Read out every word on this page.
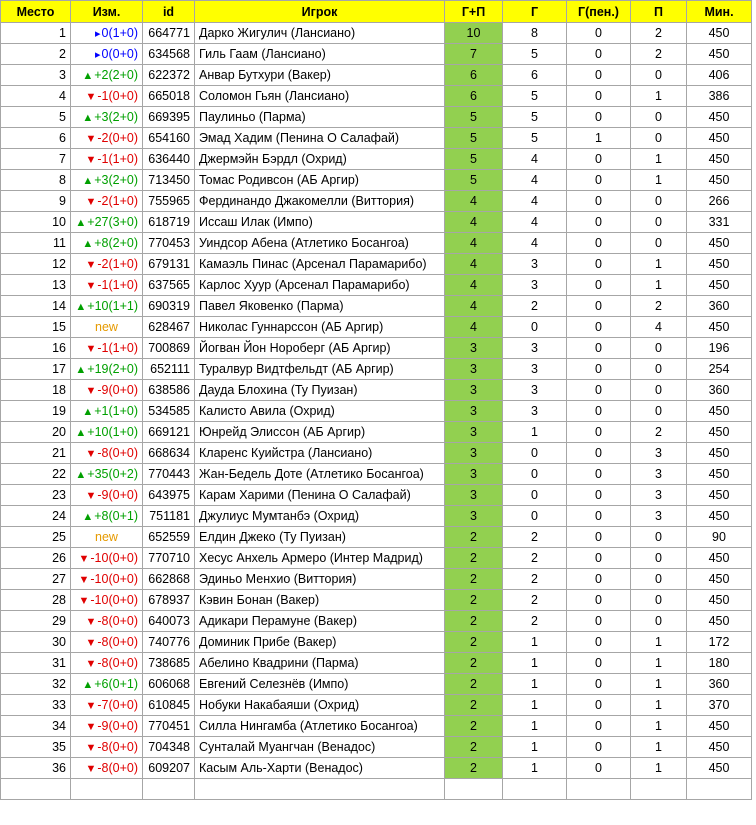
Место	Изм.	id	Игрок	Г+П	Г	Г(пен.)	П	Мин.
1	▸0(1+0)	664771	Дарко Жигулич (Лансиано)	10	8	0	2	450
2	▸0(0+0)	634568	Гиль Гаам (Лансиано)	7	5	0	2	450
3	▲+2(2+0)	622372	Анвар Бутхури (Вакер)	6	6	0	0	406
4	▼-1(0+0)	665018	Соломон Гьян (Лансиано)	6	5	0	1	386
5	▲+3(2+0)	669395	Паулиньо (Парма)	5	5	0	0	450
6	▼-2(0+0)	654160	Эмад Хадим (Пенина О Салафай)	5	5	1	0	450
7	▼-1(1+0)	636440	Джермэйн Бэрдл (Охрид)	5	4	0	1	450
8	▲+3(2+0)	713450	Томас Родивсон (АБ Аргир)	5	4	0	1	450
9	▼-2(1+0)	755965	Фердинандо Джакомелли (Виттория)	4	4	0	0	266
10	▲+27(3+0)	618719	Иссаш Илак (Импо)	4	4	0	0	331
11	▲+8(2+0)	770453	Уиндсор Абена (Атлетико Босангоа)	4	4	0	0	450
12	▼-2(1+0)	679131	Камаэль Пинас (Арсенал Парамарибо)	4	3	0	1	450
13	▼-1(1+0)	637565	Карлос Хуур (Арсенал Парамарибо)	4	3	0	1	450
14	▲+10(1+1)	690319	Павел Яковенко (Парма)	4	2	0	2	360
15	new	628467	Николас Гуннарссон (АБ Аргир)	4	0	0	4	450
16	▼-1(1+0)	700869	Йогван Йон Нороберг (АБ Аргир)	3	3	0	0	196
17	▲+19(2+0)	652111	Туралвур Видтфельдт (АБ Аргир)	3	3	0	0	254
18	▼-9(0+0)	638586	Дауда Блохина (Ту Пуизан)	3	3	0	0	360
19	▲+1(1+0)	534585	Калисто Авила (Охрид)	3	3	0	0	450
20	▲+10(1+0)	669121	Юнрейд Элиссон (АБ Аргир)	3	1	0	2	450
21	▼-8(0+0)	668634	Кларенс Куийстра (Лансиано)	3	0	0	3	450
22	▲+35(0+2)	770443	Жан-Бедель Доте (Атлетико Босангоа)	3	0	0	3	450
23	▼-9(0+0)	643975	Карам Харими (Пенина О Салафай)	3	0	0	3	450
24	▲+8(0+1)	751181	Джулиус Мумтанбэ (Охрид)	3	0	0	3	450
25	new	652559	Елдин Джеко (Ту Пуизан)	2	2	0	0	90
26	▼-10(0+0)	770710	Хесус Анхель Армеро (Интер Мадрид)	2	2	0	0	450
27	▼-10(0+0)	662868	Эдиньо Менхио (Виттория)	2	2	0	0	450
28	▼-10(0+0)	678937	Кэвин Бонан (Вакер)	2	2	0	0	450
29	▼-8(0+0)	640073	Адикари Перамуне (Вакер)	2	2	0	0	450
30	▼-8(0+0)	740776	Доминик Прибе (Вакер)	2	1	0	1	172
31	▼-8(0+0)	738685	Абелино Квадрини (Парма)	2	1	0	1	180
32	▲+6(0+1)	606068	Евгений Селезнёв (Импо)	2	1	0	1	360
33	▼-7(0+0)	610845	Нобуки Накабаяши (Охрид)	2	1	0	1	370
34	▼-9(0+0)	770451	Силла Нингамба (Атлетико Босангоа)	2	1	0	1	450
35	▼-8(0+0)	704348	Сунталай Муангчан (Венадос)	2	1	0	1	450
36	▼-8(0+0)	609207	Касым Аль-Харти (Венадос)	2	1	0	1	450
